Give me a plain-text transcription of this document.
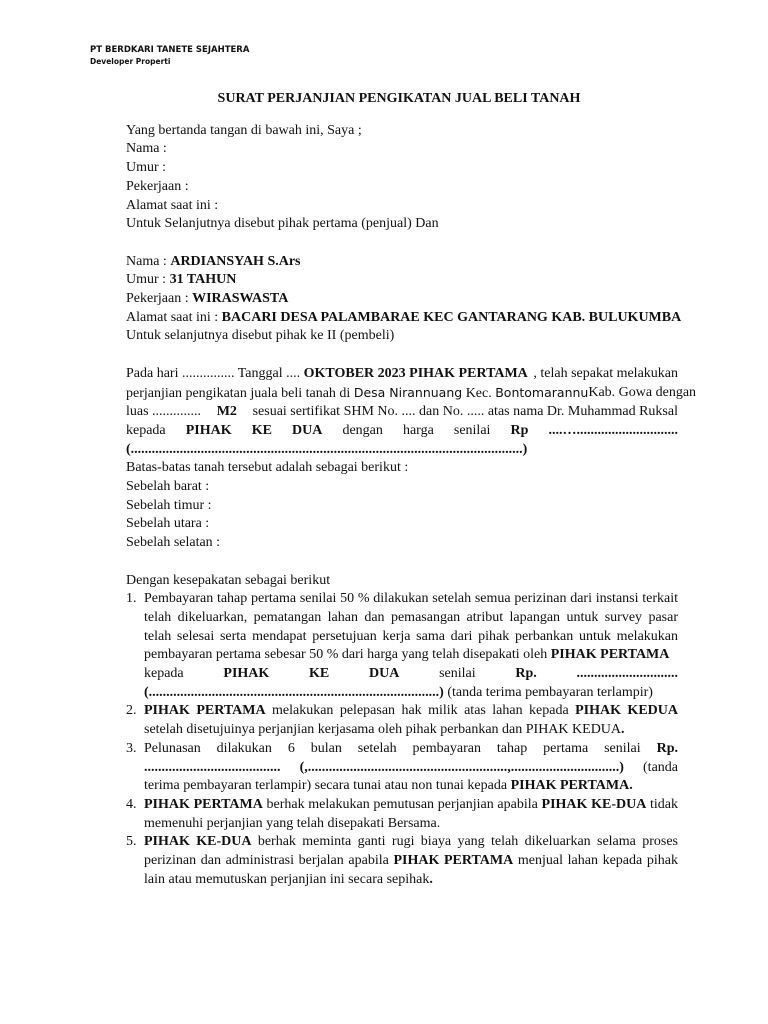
PT BERDKARI TANETE SEJAHTERA
Developer Properti
SURAT PERJANJIAN PENGIKATAN JUAL BELI TANAH
Yang bertanda tangan di bawah ini, Saya ;
Nama :
Umur :
Pekerjaan :
Alamat saat ini :
Untuk Selanjutnya disebut pihak pertama (penjual) Dan
Nama : ARDIANSYAH S.Ars
Umur : 31 TAHUN
Pekerjaan : WIRASWASTA
Alamat saat ini : BACARI DESA PALAMBARAE KEC GANTARANG KAB. BULUKUMBA
Untuk selanjutnya disebut pihak ke II (pembeli)
Pada hari ............... Tanggal .... OKTOBER 2023 PIHAK PERTAMA , telah sepakat melakukan
perjanjian pengikatan juala beli tanah di Desa Nirannuang Kec. Bontomarannu Kab. Gowa dengan
luas .............. M2 sesuai sertifikat SHM No. .... dan No. ..... atas nama Dr. Muhammad Ruksal
kepada PIHAK KE DUA dengan harga senilai Rp ....….............................
(................................................................................................................)
Batas-batas tanah tersebut adalah sebagai berikut :
Sebelah barat :
Sebelah timur :
Sebelah utara :
Sebelah selatan :
Dengan kesepakatan sebagai berikut
1. Pembayaran tahap pertama senilai 50 % dilakukan setelah semua perizinan dari instansi terkait telah dikeluarkan, pematangan lahan dan pemasangan atribut lapangan untuk survey pasar telah selesai serta mendapat persetujuan kerja sama dari pihak perbankan untuk melakukan pembayaran pertama sebesar 50 % dari harga yang telah disepakati oleh PIHAK PERTAMA
kepada	PIHAK	KE	DUA	senilai	Rp.	.............................
(...................................................................................) (tanda terima pembayaran terlampir)
2. PIHAK PERTAMA melakukan pelepasan hak milik atas lahan kepada PIHAK KEDUA setelah disetujuinya perjanjian kerjasama oleh pihak perbankan dan PIHAK KEDUA.
3. Pelunasan dilakukan 6 bulan setelah pembayaran tahap pertama senilai Rp. ....................................... (,.........................................................,...............................) (tanda terima pembayaran terlampir) secara tunai atau non tunai kepada PIHAK PERTAMA.
4. PIHAK PERTAMA berhak melakukan pemutusan perjanjian apabila PIHAK KE-DUA tidak memenuhi perjanjian yang telah disepakati Bersama.
5. PIHAK KE-DUA berhak meminta ganti rugi biaya yang telah dikeluarkan selama proses perizinan dan administrasi berjalan apabila PIHAK PERTAMA menjual lahan kepada pihak lain atau memutuskan perjanjian ini secara sepihak.
